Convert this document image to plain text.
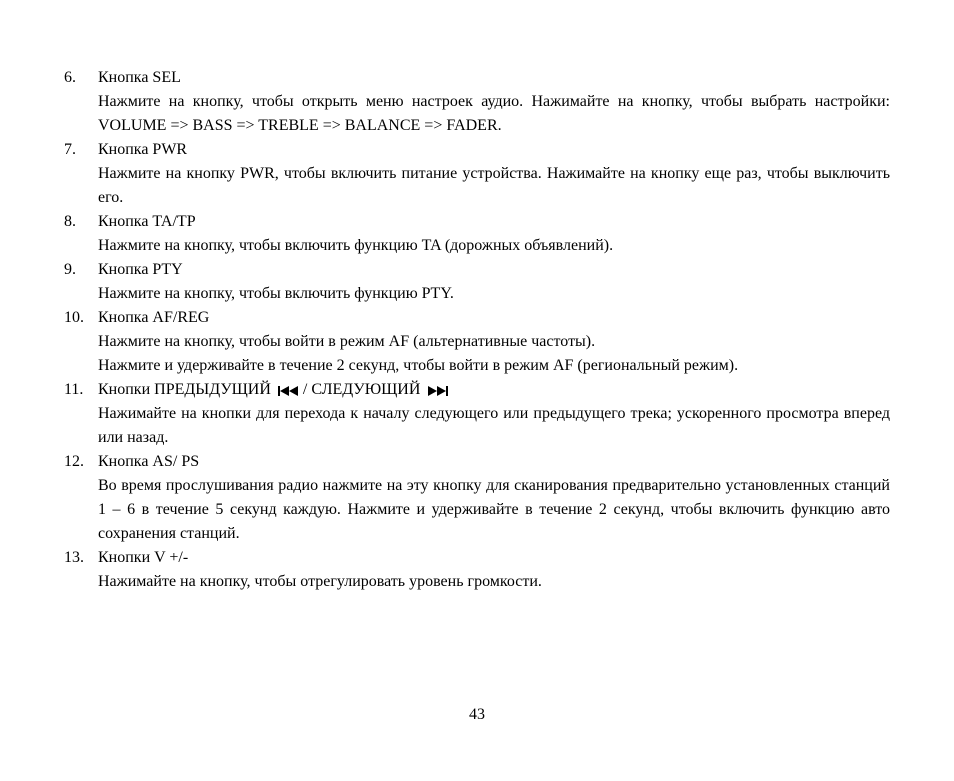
6. Кнопка SEL

Нажмите на кнопку, чтобы открыть меню настроек аудио. Нажимайте на кнопку, чтобы выбрать настройки: VOLUME => BASS => TREBLE => BALANCE => FADER.

7. Кнопка PWR

Нажмите на кнопку PWR, чтобы включить питание устройства. Нажимайте на кнопку еще раз, чтобы выключить его.

8. Кнопка TA/TP

Нажмите на кнопку, чтобы включить функцию TA (дорожных объявлений).

9. Кнопка PTY

Нажмите на кнопку, чтобы включить функцию PTY.

10. Кнопка AF/REG

Нажмите на кнопку, чтобы войти в режим AF (альтернативные частоты).

Нажмите и удерживайте в течение 2 секунд, чтобы войти в режим AF (региональный режим).

11. Кнопки ПРЕДЫДУЩИЙ / СЛЕДУЮЩИЙ

Нажимайте на кнопки для перехода к началу следующего или предыдущего трека; ускоренного просмотра вперед или назад.

12. Кнопка AS/ PS

Во время прослушивания радио нажмите на эту кнопку для сканирования предварительно установленных станций 1 – 6 в течение 5 секунд каждую. Нажмите и удерживайте в течение 2 секунд, чтобы включить функцию авто сохранения станций.

13. Кнопки V +/-

Нажимайте на кнопку, чтобы отрегулировать уровень громкости.

43
